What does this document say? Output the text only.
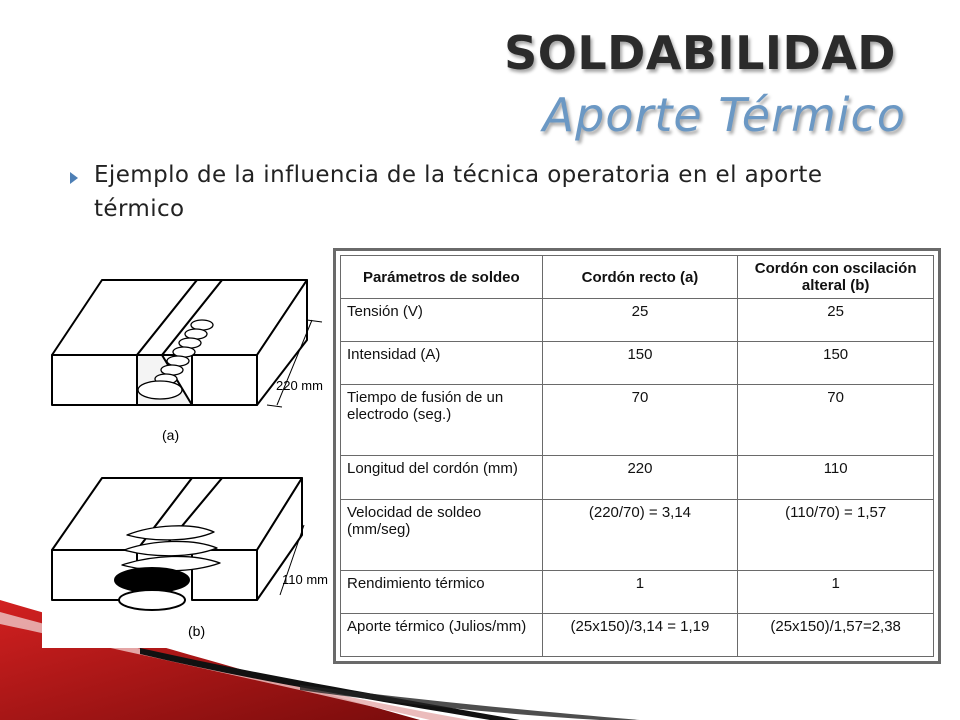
SOLDABILIDAD
Aporte Térmico
Ejemplo de la influencia de la técnica operatoria en el aporte térmico
220 mm
(a)
110 mm
(b)
Parámetros de soldeo	Cordón recto (a)	Cordón con oscilación alteral (b)
Tensión (V)	25	25
Intensidad (A)	150	150
Tiempo de fusión de un electrodo (seg.)	70	70
Longitud del cordón (mm)	220	110
Velocidad de soldeo (mm/seg)	(220/70) = 3,14	(110/70) = 1,57
Rendimiento térmico	1	1
Aporte térmico (Julios/mm)	(25x150)/3,14 = 1,19	(25x150)/1,57=2,38
